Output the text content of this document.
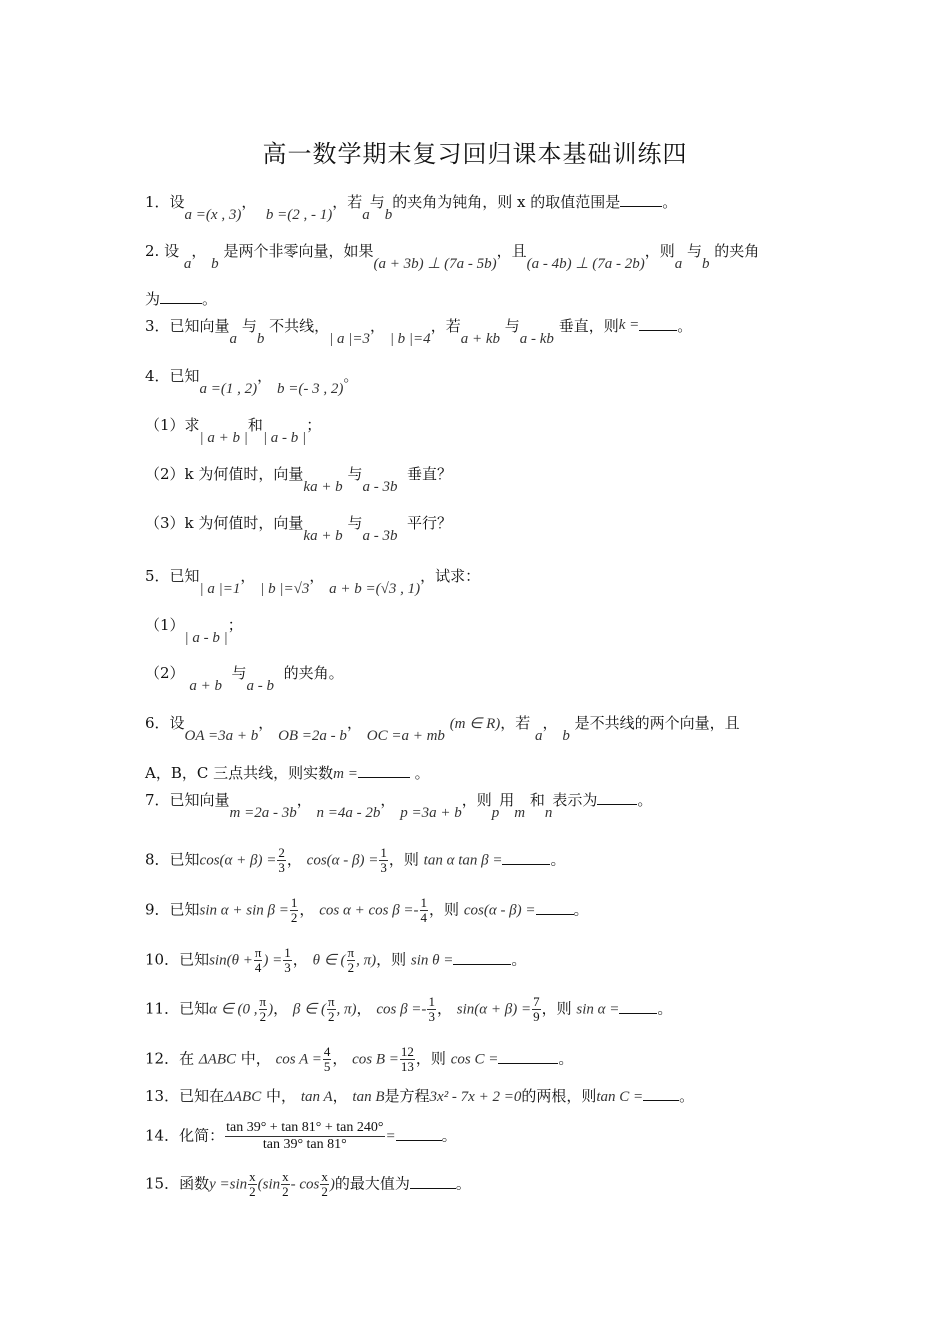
高一数学期末复习回归课本基础训练四
1．设a =(x , 3)，  b =(2 , - 1)，若a与b的夹角为钝角，则 x 的取值范围是	。
2. 设 a， b 是两个非零向量，如果(a + 3b) ⊥ (7a - 5b)，且(a - 4b) ⊥ (7a - 2b)，则a 与b 的夹角
为	。
3．已知向量a 与b 不共线，| a |=3， | b |=4，若a + kb 与a - kb 垂直，则k =	。
4．已知a =(1 , 2)， b =(- 3 , 2)。
（1）求| a + b |和| a - b |；
（2）k 为何值时，向量ka + b 与a - 3b  垂直？
（3）k 为何值时，向量ka + b 与a - 3b  平行？
5．已知| a |=1， | b |=√3， a + b =(√3 , 1)，试求：
（1）| a - b |；
（2） a + b  与a - b  的夹角。
6．设OA =3a + b， OB =2a - b， OC =a + mb (m ∈ R)，若 a， b 是不共线的两个向量，且
A，B，C 三点共线，则实数m =	。
7．已知向量m =2a - 3b， n =4a - 2b， p =3a + b，则p用m 和n表示为	。
8．已知$\cos(\alpha + \beta) = \frac{2}{3}$ ， $\cos(\alpha - \beta) = \frac{1}{3}$ ，则 tan α tan β =	。
9．已知$\sin \alpha + \sin \beta = \frac{1}{2}$ ， $\cos \alpha + \cos \beta =- \frac{1}{4}$ ，则 cos(α - β) =	。
10．已知$\sin(\theta + \frac{\pi}{4}$ ) = $\frac{1}{3}$ ， θ ∈ ( $\frac{\pi}{2}$ , π)，则 sin θ =	。
11．已知α ∈ (0 , $\frac{\pi}{2}$ )， β ∈ ( $\frac{\pi}{2}$ , π)， $\cos \beta =- \frac{1}{3}$ ， $\sin(\alpha + \beta) = \frac{7}{9}$ ，则 sin α =	。
12．在 ΔABC 中， $\cos A = \frac{4}{5}$ ， $\cos B = \frac{12}{13}$ ，则 cos C =	。
13．已知在ΔABC 中， tan A， tan B是方程3x² - 7x + 2 =0的两根，则tan C = 。
14．化简： $\frac{\tan 39^\circ + \tan 81^\circ + \tan 240^\circ}{\tan 39^\circ \tan 81^\circ}$ =	。
15．函数$y =\sin \frac{x}{2} (\sin \frac{x}{2} - \cos \frac{x}{2}$ )的最大值为	。
